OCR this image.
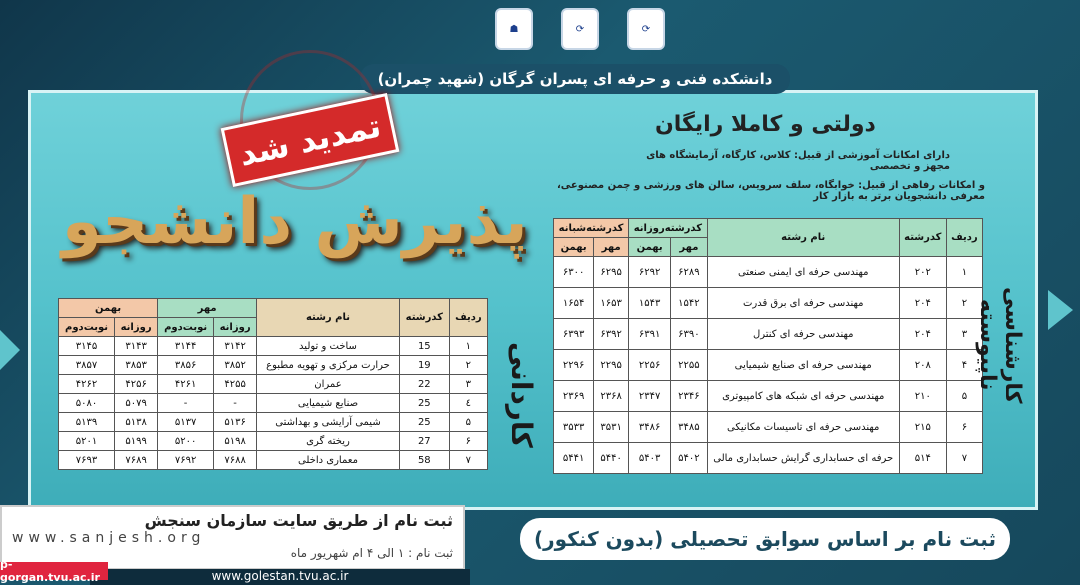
☗	⟳	⟳
دانشکده فنی و حرفه ای پسران گرگان (شهید چمران)
دولتی و کاملا رایگان
دارای امکانات آموزشی از قبیل: کلاس، کارگاه، آزمایشگاه های مجهز و تخصصی
و امکانات رفاهی از قبیل: خوابگاه، سلف سرویس، سالن های ورزشی و چمن مصنوعی، معرفی دانشجویان برتر به بازار کار
تمدید شد
پذیرش دانشجو
ردیف	کدرشته	نام رشته	مهر		بهمن	
			روزانه	نوبت‌دوم	روزانه	نوبت‌دوم
۱	15	ساخت و تولید	۳۱۴۲	۳۱۴۴	۳۱۴۳	۳۱۴۵
۲	19	حرارت مرکزی و تهویه مطبوع	۳۸۵۲	۳۸۵۶	۳۸۵۳	۳۸۵۷
۳	22	عمران	۴۲۵۵	۴۲۶۱	۴۲۵۶	۴۲۶۲
٤	25	صنایع شیمیایی	-	-	۵۰۷۹	۵۰۸۰
۵	25	شیمی آرایشی و بهداشتی	۵۱۳۶	۵۱۳۷	۵۱۳۸	۵۱۳۹
۶	27	ریخته گری	۵۱۹۸	۵۲۰۰	۵۱۹۹	۵۲۰۱
۷	58	معماری داخلی	۷۶۸۸	۷۶۹۲	۷۶۸۹	۷۶۹۳
کاردانی
ردیف	کدرشته	نام رشته	کدرشته‌روزانه		کدرشته‌شبانه	
			مهر	بهمن	مهر	بهمن
۱	۲۰۲	مهندسی حرفه ای ایمنی صنعتی	۶۲۸۹	۶۲۹۲	۶۲۹۵	۶۳۰۰
۲	۲۰۴	مهندسی حرفه ای برق قدرت	۱۵۴۲	۱۵۴۳	۱۶۵۳	۱۶۵۴
۳	۲۰۴	مهندسی حرفه ای کنترل	۶۳۹۰	۶۳۹۱	۶۳۹۲	۶۳۹۳
۴	۲۰۸	مهندسی حرفه ای صنایع شیمیایی	۲۲۵۵	۲۲۵۶	۲۲۹۵	۲۲۹۶
۵	۲۱۰	مهندسی حرفه ای شبکه های کامپیوتری	۲۳۴۶	۲۳۴۷	۲۳۶۸	۲۳۶۹
۶	۲۱۵	مهندسی حرفه ای تاسیسات مکانیکی	۳۴۸۵	۳۴۸۶	۳۵۳۱	۳۵۳۳
۷	۵۱۴	حرفه ای حسابداری گرایش حسابداری مالی	۵۴۰۲	۵۴۰۳	۵۴۴۰	۵۴۴۱
کارشناسی ناپیوسته
ثبت نام از طریق سایت سازمان سنجش
www.sanjesh.org
ثبت نام : ۱ الی ۴ ام شهریور ماه
ثبت نام بر اساس سوابق تحصیلی (بدون کنکور)
www.golestan.tvu.ac.ir
p-gorgan.tvu.ac.ir
